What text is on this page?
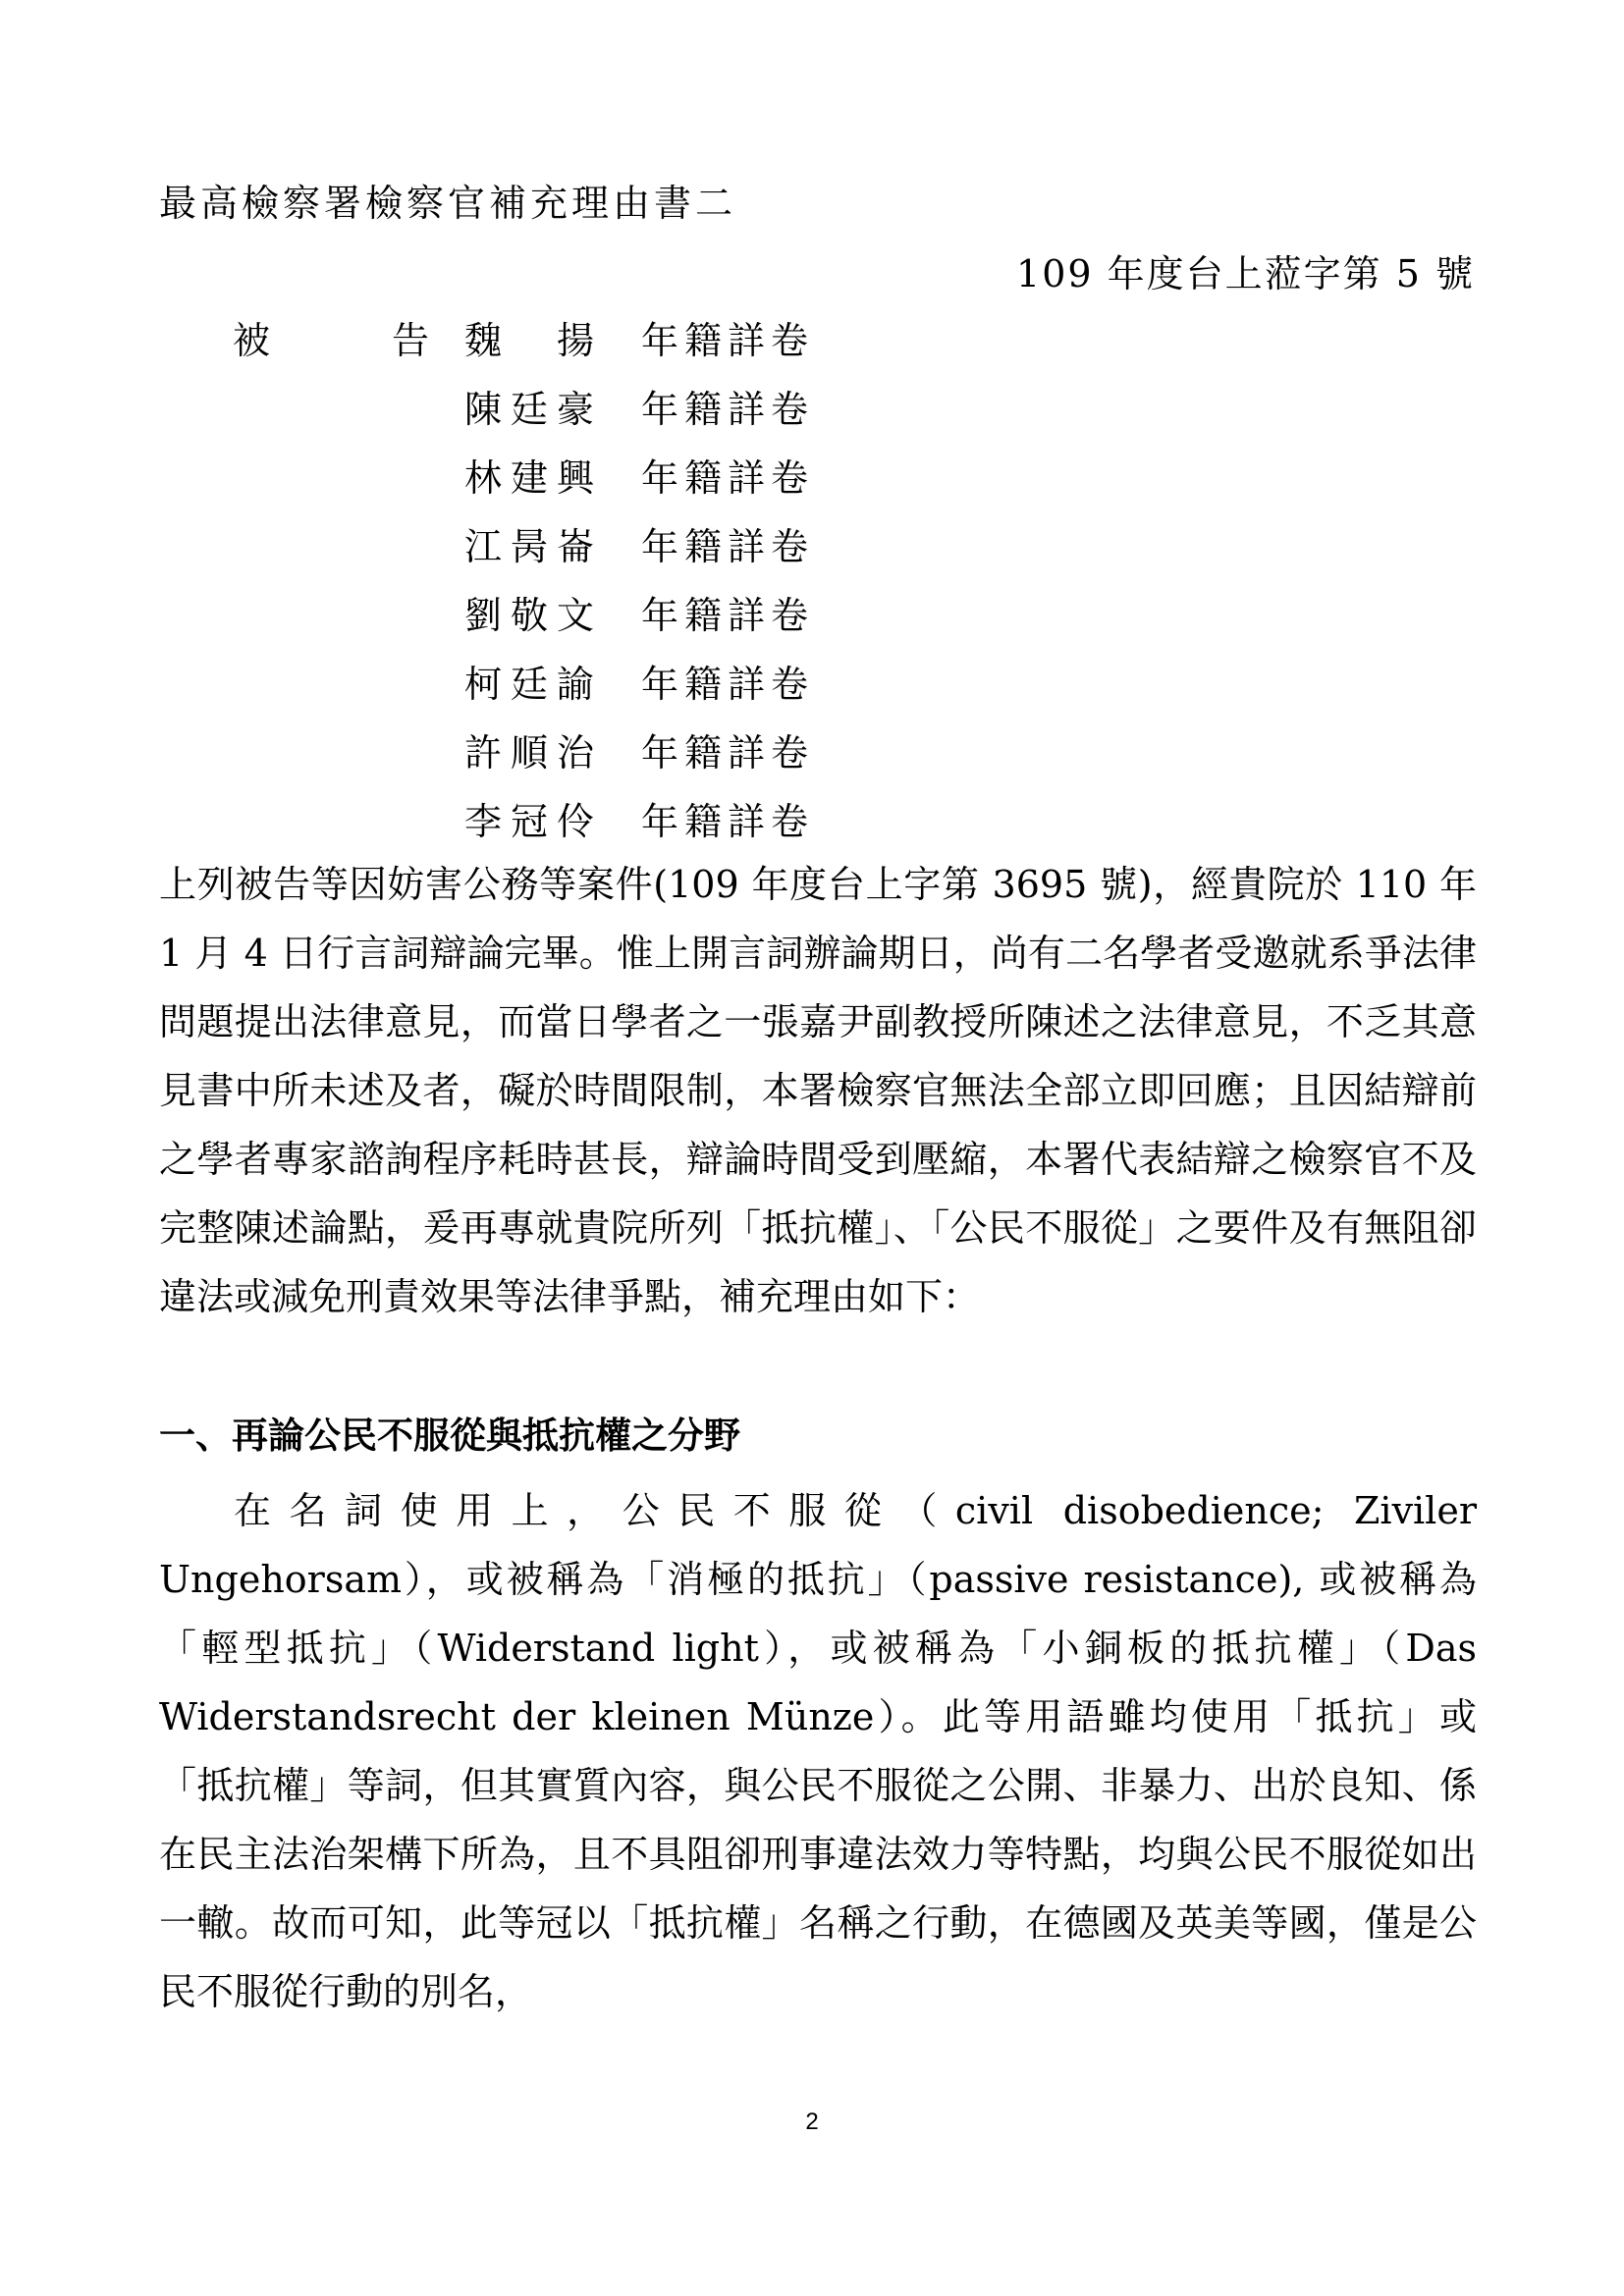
最高檢察署檢察官補充理由書二
109 年度台上蒞字第 5 號
被	告 魏 揚 年籍詳卷
陳 廷 豪 年籍詳卷
林 建 興 年籍詳卷
江 昺 崙 年籍詳卷
劉 敬 文 年籍詳卷
柯 廷 諭 年籍詳卷
許 順 治 年籍詳卷
李 冠 伶 年籍詳卷

上列被告等因妨害公務等案件(109 年度台上字第 3695 號)，經貴院於 110 年 1 月 4 日行言詞辯論完畢。惟上開言詞辦論期日，尚有二名學者受邀就系爭法律問題提出法律意見，而當日學者之一張嘉尹副教授所陳述之法律意見，不乏其意見書中所未述及者，礙於時間限制，本署檢察官無法全部立即回應；且因結辯前之學者專家諮詢程序耗時甚長，辯論時間受到壓縮，本署代表結辯之檢察官不及完整陳述論點，爰再專就貴院所列「抵抗權」、「公民不服從」之要件及有無阻卻違法或減免刑責效果等法律爭點，補充理由如下：

一、再論公民不服從與抵抗權之分野

在名詞使用上，公民不服從（civil disobedience; Ziviler Ungehorsam），或被稱為「消極的抵抗」（passive resistance), 或被稱為「輕型抵抗」（Widerstand light），或被稱為「小銅板的抵抗權」（Das Widerstandsrecht der kleinen Münze）。此等用語雖均使用「抵抗」或「抵抗權」等詞，但其實質內容，與公民不服從之公開、非暴力、出於良知、係在民主法治架構下所為，且不具阻卻刑事違法效力等特點，均與公民不服從如出一轍。故而可知，此等冠以「抵抗權」名稱之行動，在德國及英美等國，僅是公民不服從行動的別名，

2
